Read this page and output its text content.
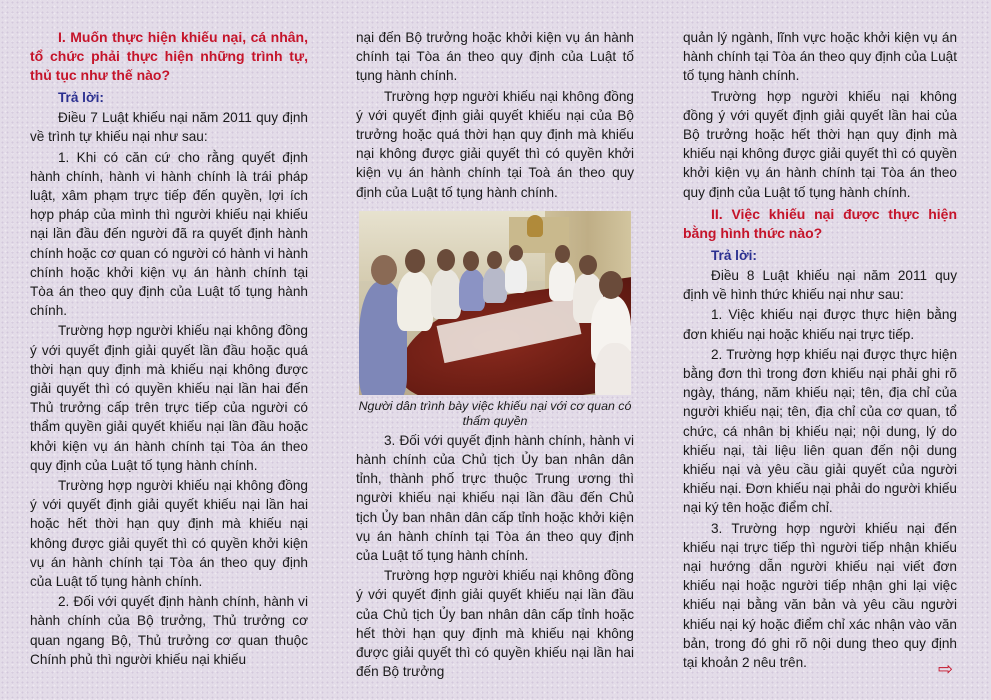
I. Muốn thực hiện khiếu nại, cá nhân, tổ chức phải thực hiện những trình tự, thủ tục như thế nào?
Trả lời:

Điều 7 Luật khiếu nại năm 2011 quy định về trình tự khiếu nại như sau:

1. Khi có căn cứ cho rằng quyết định hành chính, hành vi hành chính là trái pháp luật, xâm phạm trực tiếp đến quyền, lợi ích hợp pháp của mình thì người khiếu nại khiếu nại lần đầu đến người đã ra quyết định hành chính hoặc cơ quan có người có hành vi hành chính hoặc khởi kiện vụ án hành chính tại Tòa án theo quy định của Luật tố tụng hành chính.

Trường hợp người khiếu nại không đồng ý với quyết định giải quyết lần đầu hoặc quá thời hạn quy định mà khiếu nại không được giải quyết thì có quyền khiếu nại lần hai đến Thủ trưởng cấp trên trực tiếp của người có thẩm quyền giải quyết khiếu nại lần đầu hoặc khởi kiện vụ án hành chính tại Tòa án theo quy định của Luật tố tụng hành chính.

Trường hợp người khiếu nại không đồng ý với quyết định giải quyết khiếu nại lần hai hoặc hết thời hạn quy định mà khiếu nại không được giải quyết thì có quyền khởi kiện vụ án hành chính tại Tòa án theo quy định của Luật tố tụng hành chính.

2. Đối với quyết định hành chính, hành vi hành chính của Bộ trưởng, Thủ trưởng cơ quan ngang Bộ, Thủ trưởng cơ quan thuộc Chính phủ thì người khiếu nại khiếu

nại đến Bộ trưởng hoặc khởi kiện vụ án hành chính tại Tòa án theo quy định của Luật tố tụng hành chính.

Trường hợp người khiếu nại không đồng ý với quyết định giải quyết khiếu nại của Bộ trưởng hoặc quá thời hạn quy định mà khiếu nại không được giải quyết thì có quyền khởi kiện vụ án hành chính tại Toà án theo quy định của Luật tố tụng hành chính.

Người dân trình bày việc khiếu nại với cơ quan có thẩm quyền

3. Đối với quyết định hành chính, hành vi hành chính của Chủ tịch Ủy ban nhân dân tỉnh, thành phố trực thuộc Trung ương thì người khiếu nại khiếu nại lần đầu đến Chủ tịch Ủy ban nhân dân cấp tỉnh hoặc khởi kiện vụ án hành chính tại Tòa án theo quy định của Luật tố tụng hành chính.

Trường hợp người khiếu nại không đồng ý với quyết định giải quyết khiếu nại lần đầu của Chủ tịch Ủy ban nhân dân cấp tỉnh hoặc hết thời hạn quy định mà khiếu nại không được giải quyết thì có quyền khiếu nại lần hai đến Bộ trưởng

quản lý ngành, lĩnh vực hoặc khởi kiện vụ án hành chính tại Tòa án theo quy định của Luật tố tụng hành chính.

Trường hợp người khiếu nại không đồng ý với quyết định giải quyết lần hai của Bộ trưởng hoặc hết thời hạn quy định mà khiếu nại không được giải quyết thì có quyền khởi kiện vụ án hành chính tại Tòa án theo quy định của Luật tố tụng hành chính.

II. Việc khiếu nại được thực hiện bằng hình thức nào?
Trả lời:

Điều 8 Luật khiếu nại năm 2011 quy định về hình thức khiếu nại như sau:

1. Việc khiếu nại được thực hiện bằng đơn khiếu nại hoặc khiếu nại trực tiếp.

2. Trường hợp khiếu nại được thực hiện bằng đơn thì trong đơn khiếu nại phải ghi rõ ngày, tháng, năm khiếu nại; tên, địa chỉ của người khiếu nại; tên, địa chỉ của cơ quan, tổ chức, cá nhân bị khiếu nại; nội dung, lý do khiếu nại, tài liệu liên quan đến nội dung khiếu nại và yêu cầu giải quyết của người khiếu nại. Đơn khiếu nại phải do người khiếu nại ký tên hoặc điểm chỉ.

3. Trường hợp người khiếu nại đến khiếu nại trực tiếp thì người tiếp nhận khiếu nại hướng dẫn người khiếu nại viết đơn khiếu nại hoặc người tiếp nhận ghi lại việc khiếu nại bằng văn bản và yêu cầu người khiếu nại ký hoặc điểm chỉ xác nhận vào văn bản, trong đó ghi rõ nội dung theo quy định tại khoản 2 nêu trên.	⇨
